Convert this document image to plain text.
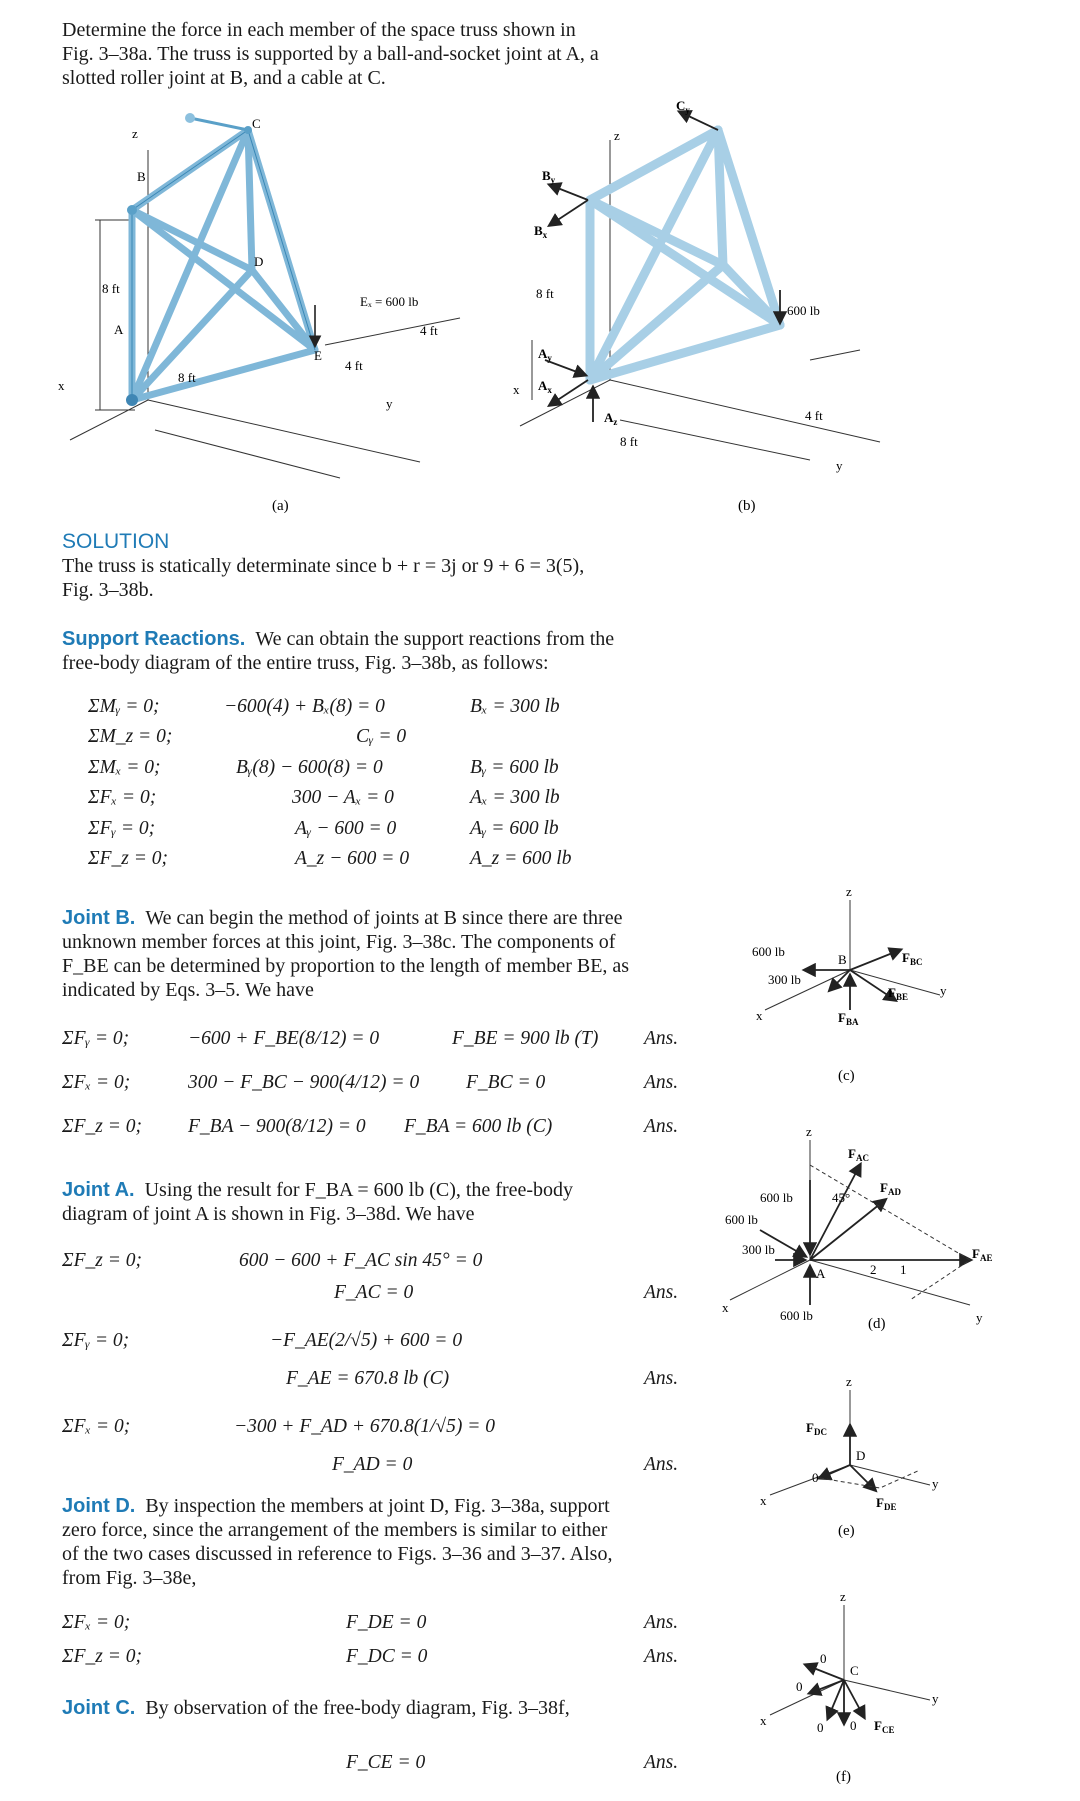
Determine the force in each member of the space truss shown in
Fig. 3–38a. The truss is supported by a ball-and-socket joint at A, a
slotted roller joint at B, and a cable at C.
z
B
C
D
A
E
x
y
8 ft
8 ft
4 ft
4 ft
Eₓ = 600 lb
(a)
$C_y$
z
$B_y$
$B_x$
$A_y$
$A_x$
$A_z$
8 ft
8 ft
4 ft
600 lb
x
y
(b)
SOLUTION
The truss is statically determinate since b + r = 3j or 9 + 6 = 3(5),
Fig. 3–38b.
Support Reactions. We can obtain the support reactions from the
free-body diagram of the entire truss, Fig. 3–38b, as follows:
ΣMᵧ = 0;	−600(4) + Bₓ(8) = 0	Bₓ = 300 lb
ΣM_z = 0;	Cᵧ = 0
ΣMₓ = 0;	Bᵧ(8) − 600(8) = 0	Bᵧ = 600 lb
ΣFₓ = 0;	300 − Aₓ = 0	Aₓ = 300 lb
ΣFᵧ = 0;	Aᵧ − 600 = 0	Aᵧ = 600 lb
ΣF_z = 0;	A_z − 600 = 0	A_z = 600 lb
Joint B. We can begin the method of joints at B since there are three
unknown member forces at this joint, Fig. 3–38c. The components of
F_BE can be determined by proportion to the length of member BE, as
indicated by Eqs. 3–5. We have
ΣFᵧ = 0;	−600 + F_BE(8/12) = 0	F_BE = 900 lb (T) Ans.
ΣFₓ = 0;	300 − F_BC − 900(4/12) = 0 F_BC = 0	Ans.
ΣF_z = 0; F_BA − 900(8/12) = 0 F_BA = 600 lb (C)	Ans.
Joint A. Using the result for F_BA = 600 lb (C), the free-body
diagram of joint A is shown in Fig. 3–38d. We have
ΣF_z = 0;	600 − 600 + F_AC sin 45° = 0
F_AC = 0	Ans.
ΣFᵧ = 0;	−F_AE(2/√5) + 600 = 0
F_AE = 670.8 lb (C)	Ans.
ΣFₓ = 0;	−300 + F_AD + 670.8(1/√5) = 0
F_AD = 0	Ans.
Joint D. By inspection the members at joint D, Fig. 3–38a, support
zero force, since the arrangement of the members is similar to either
of the two cases discussed in reference to Figs. 3–36 and 3–37. Also,
from Fig. 3–38e,
ΣFₓ = 0;	F_DE = 0	Ans.
ΣF_z = 0;	F_DC = 0	Ans.
Joint C. By observation of the free-body diagram, Fig. 3–38f,
F_CE = 0	Ans.
z
x
y
B
600 lb
300 lb
$F_{BC}$
$F_{BE}$
$F_{BA}$
(c)
z
x
y
A
$F_{AC}$
$F_{AD}$
$F_{AE}$
600 lb
600 lb
300 lb
600 lb
45°
2 1
(d)
z
x
y
D
$F_{DC}$
$F_{DE}$
0
(e)
z
x
y
C
0
0
0 0 $F_{CE}$
(f)
